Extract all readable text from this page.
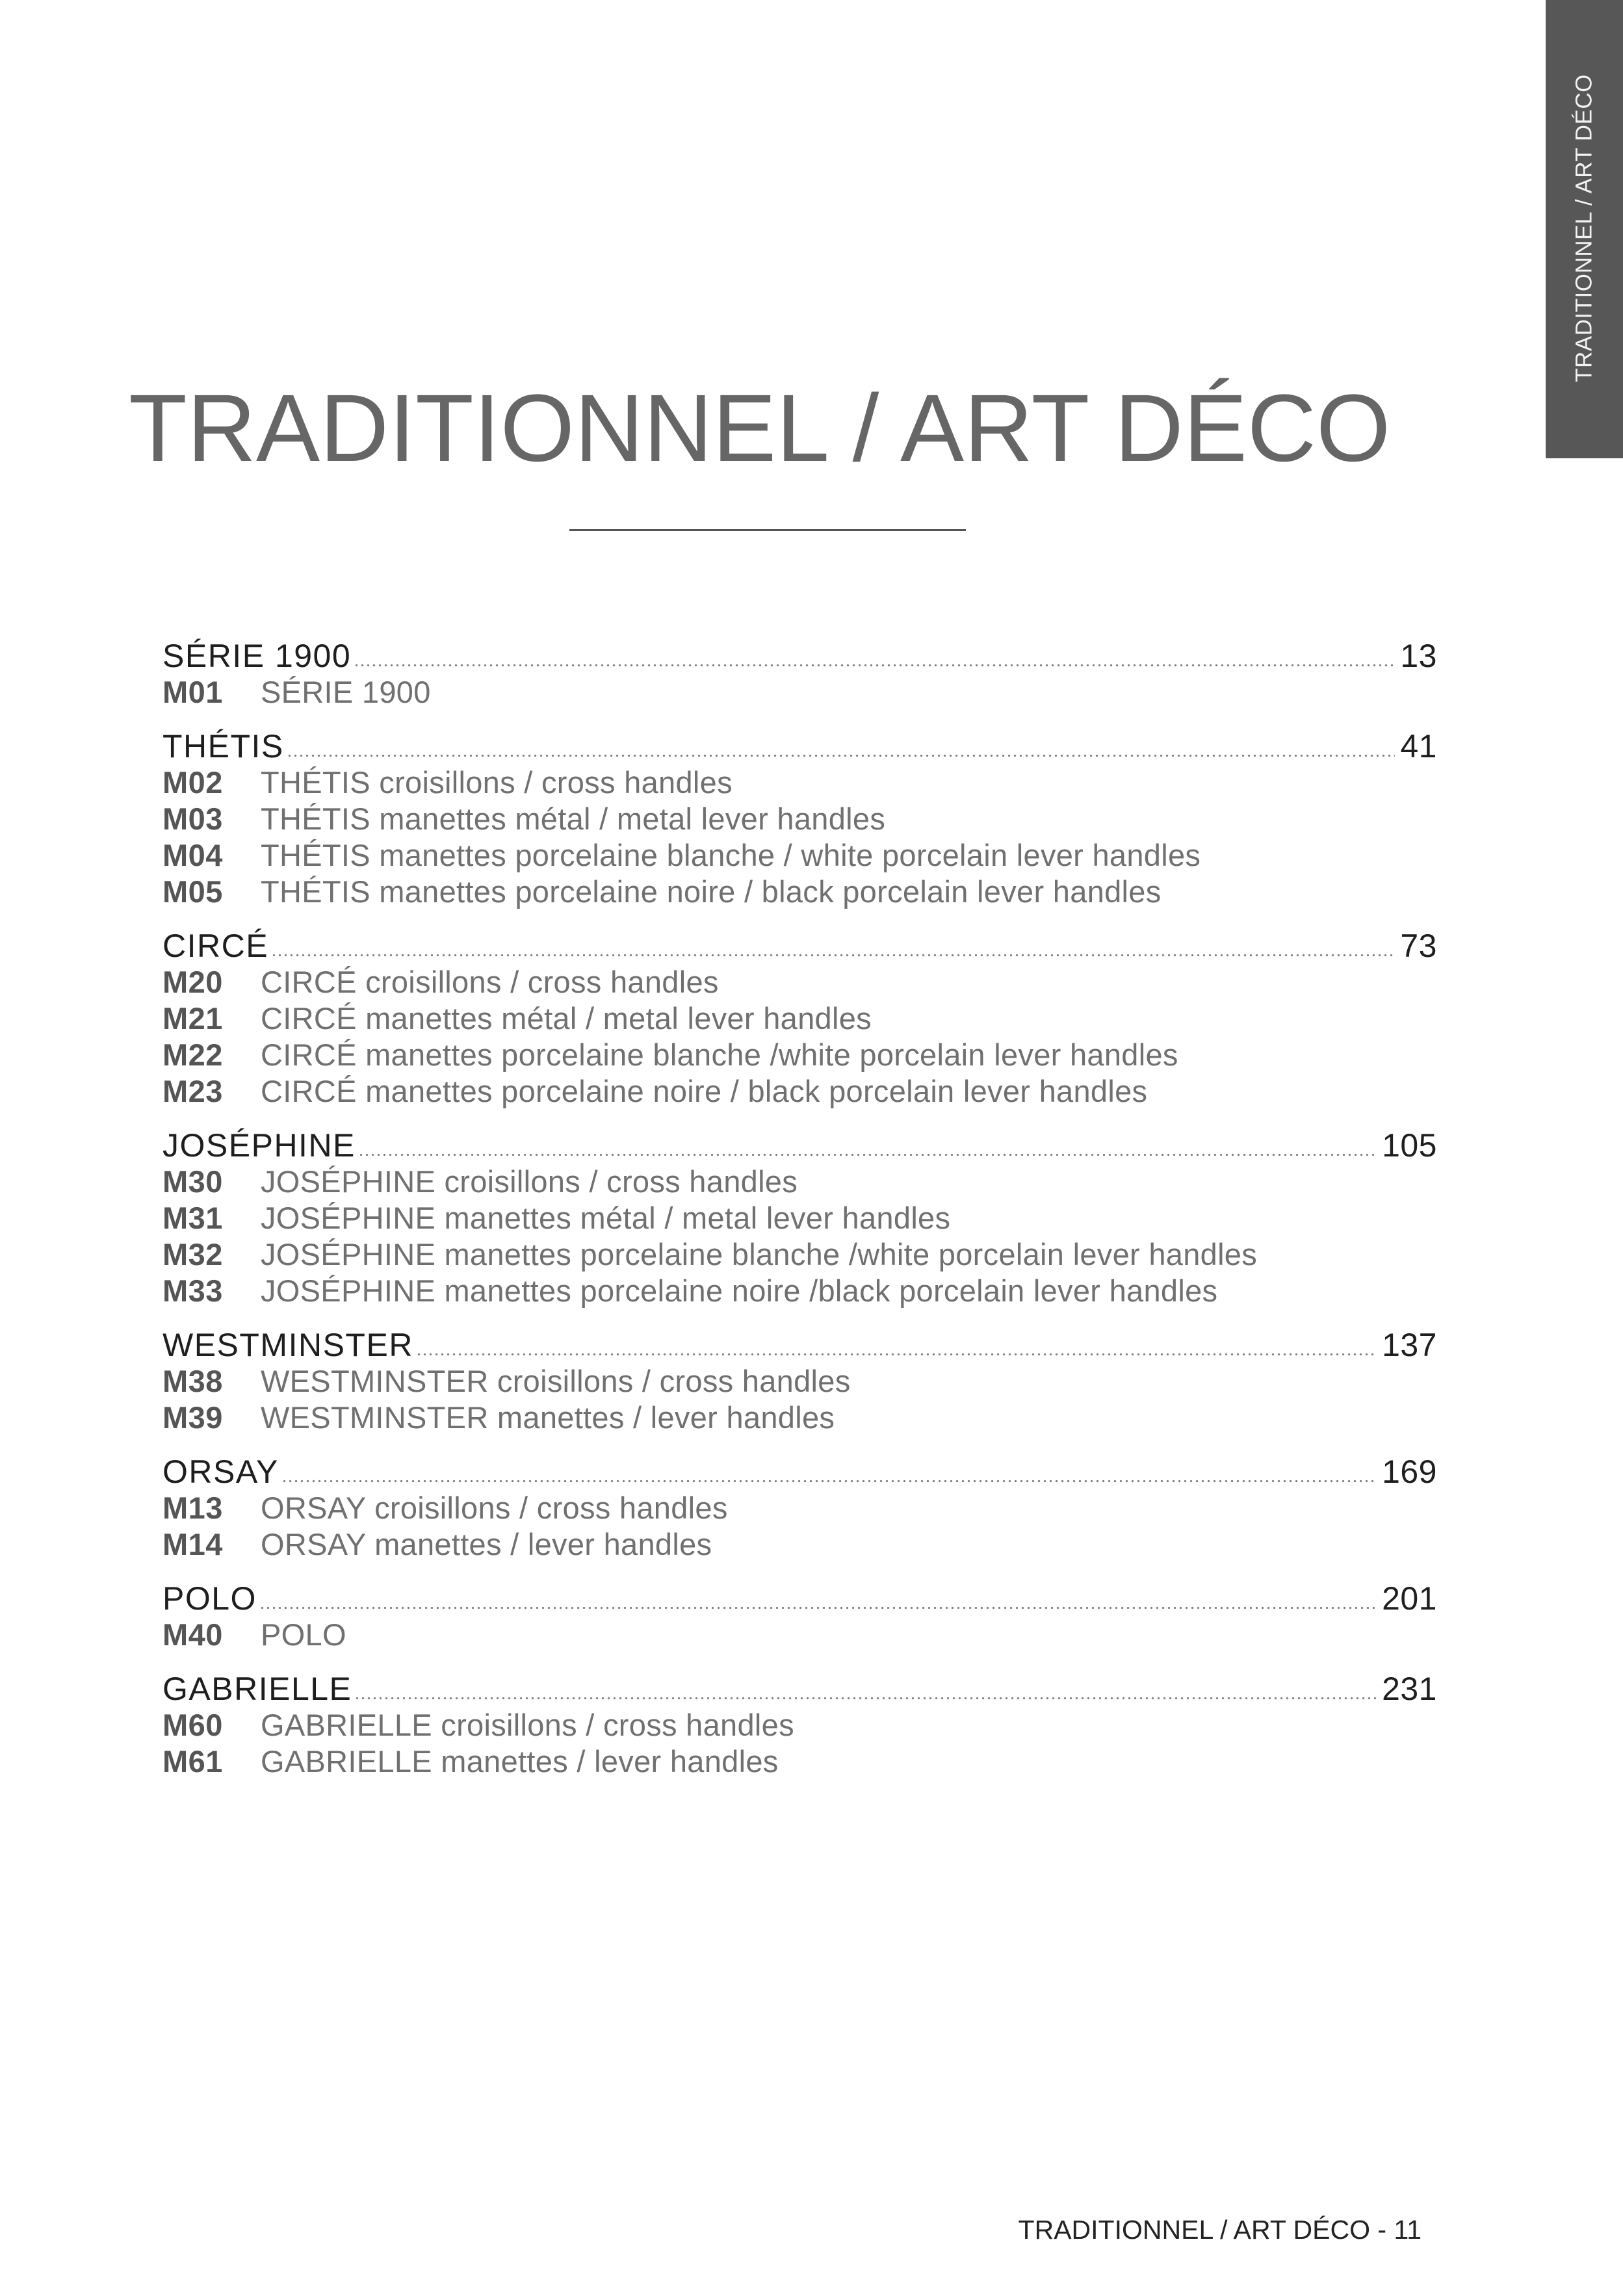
TRADITIONNEL / ART DÉCO
TRADITIONNEL / ART DÉCO
SÉRIE 1900	13
M01	SÉRIE 1900
THÉTIS	41
M02	THÉTIS croisillons / cross handles
M03	THÉTIS manettes métal / metal lever handles
M04	THÉTIS manettes porcelaine blanche / white porcelain lever handles
M05	THÉTIS manettes porcelaine noire / black porcelain lever handles
CIRCÉ	73
M20	CIRCÉ croisillons / cross handles
M21	CIRCÉ manettes métal / metal lever handles
M22	CIRCÉ manettes porcelaine blanche /white porcelain lever handles
M23	CIRCÉ manettes porcelaine noire / black porcelain lever handles
JOSÉPHINE	105
M30	JOSÉPHINE croisillons / cross handles
M31	JOSÉPHINE manettes métal / metal lever handles
M32	JOSÉPHINE manettes porcelaine blanche /white porcelain lever handles
M33	JOSÉPHINE manettes porcelaine noire /black porcelain lever handles
WESTMINSTER	137
M38	WESTMINSTER croisillons / cross handles
M39	WESTMINSTER manettes / lever handles
ORSAY	169
M13	ORSAY croisillons / cross handles
M14	ORSAY manettes / lever handles
POLO	201
M40	POLO
GABRIELLE	231
M60	GABRIELLE croisillons / cross handles
M61	GABRIELLE manettes / lever handles
TRADITIONNEL / ART DÉCO - 11
